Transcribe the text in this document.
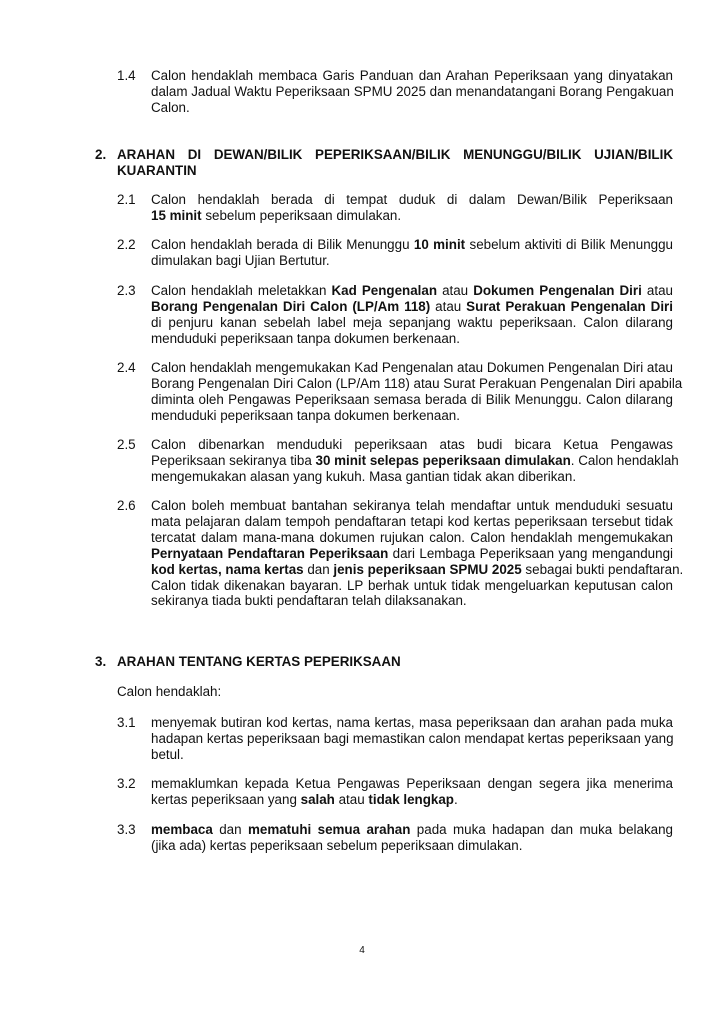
1.4	Calon hendaklah membaca Garis Panduan dan Arahan Peperiksaan yang dinyatakan
dalam Jadual Waktu Peperiksaan SPMU 2025 dan menandatangani Borang Pengakuan
Calon.
2. ARAHAN DI DEWAN/BILIK PEPERIKSAAN/BILIK MENUNGGU/BILIK UJIAN/BILIK
KUARANTIN
2.1	Calon hendaklah berada di tempat duduk di dalam Dewan/Bilik Peperiksaan
15 minit sebelum peperiksaan dimulakan.
2.2	Calon hendaklah berada di Bilik Menunggu 10 minit sebelum aktiviti di Bilik Menunggu
dimulakan bagi Ujian Bertutur.
2.3	Calon hendaklah meletakkan Kad Pengenalan atau Dokumen Pengenalan Diri atau
Borang Pengenalan Diri Calon (LP/Am 118) atau Surat Perakuan Pengenalan Diri
di penjuru kanan sebelah label meja sepanjang waktu peperiksaan. Calon dilarang
menduduki peperiksaan tanpa dokumen berkenaan.
2.4	Calon hendaklah mengemukakan Kad Pengenalan atau Dokumen Pengenalan Diri atau
Borang Pengenalan Diri Calon (LP/Am 118) atau Surat Perakuan Pengenalan Diri apabila
diminta oleh Pengawas Peperiksaan semasa berada di Bilik Menunggu. Calon dilarang
menduduki peperiksaan tanpa dokumen berkenaan.
2.5	Calon dibenarkan menduduki peperiksaan atas budi bicara Ketua Pengawas
Peperiksaan sekiranya tiba 30 minit selepas peperiksaan dimulakan. Calon hendaklah
mengemukakan alasan yang kukuh. Masa gantian tidak akan diberikan.
2.6	Calon boleh membuat bantahan sekiranya telah mendaftar untuk menduduki sesuatu
mata pelajaran dalam tempoh pendaftaran tetapi kod kertas peperiksaan tersebut tidak
tercatat dalam mana-mana dokumen rujukan calon. Calon hendaklah mengemukakan
Pernyataan Pendaftaran Peperiksaan dari Lembaga Peperiksaan yang mengandungi
kod kertas, nama kertas dan jenis peperiksaan SPMU 2025 sebagai bukti pendaftaran.
Calon tidak dikenakan bayaran. LP berhak untuk tidak mengeluarkan keputusan calon
sekiranya tiada bukti pendaftaran telah dilaksanakan.
3. ARAHAN TENTANG KERTAS PEPERIKSAAN
Calon hendaklah:
3.1	menyemak butiran kod kertas, nama kertas, masa peperiksaan dan arahan pada muka
hadapan kertas peperiksaan bagi memastikan calon mendapat kertas peperiksaan yang
betul.
3.2	memaklumkan kepada Ketua Pengawas Peperiksaan dengan segera jika menerima
kertas peperiksaan yang salah atau tidak lengkap.
3.3	membaca dan mematuhi semua arahan pada muka hadapan dan muka belakang
(jika ada) kertas peperiksaan sebelum peperiksaan dimulakan.
4
